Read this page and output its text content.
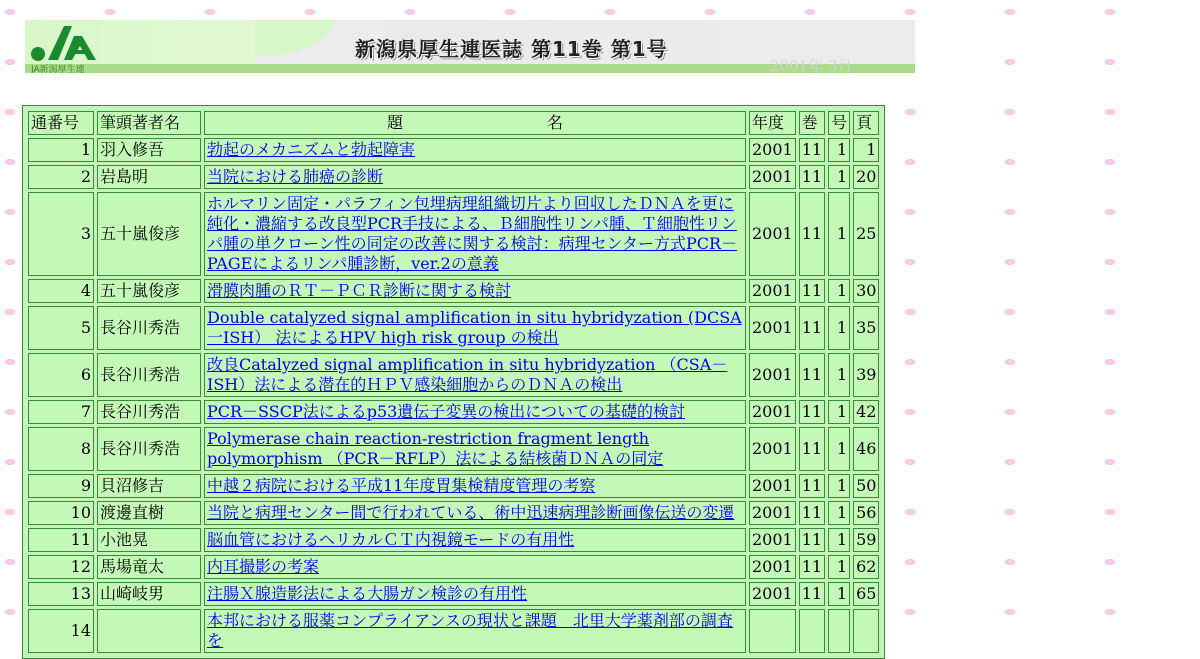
JA新潟厚生連
新潟県厚生連医誌 第11巻 第1号
2001年 3月
通番号	筆頭著者名	題　　　　　　　　　名	年度	巻	号	頁
1	羽入修吾	勃起のメカニズムと勃起障害	2001	11	1	1
2	岩島明	当院における肺癌の診断	2001	11	1	20
3	五十嵐俊彦	ホルマリン固定・パラフィン包埋病理組織切片より回収したＤＮＡを更に純化・濃縮する改良型PCR手技による、Ｂ細胞性リンパ腫、Ｔ細胞性リンパ腫の単クローン性の同定の改善に関する検討：病理センター方式PCR－PAGEによるリンパ腫診断，ver.2の意義	2001	11	1	25
4	五十嵐俊彦	滑膜肉腫のＲＴ－ＰＣＲ診断に関する検討	2001	11	1	30
5	長谷川秀浩	Double catalyzed signal amplification in situ hybridyzation (DCSA一ISH） 法によるHPV high risk group の検出	2001	11	1	35
6	長谷川秀浩	改良Catalyzed signal amplification in situ hybridyzation （CSA－ISH）法による潜在的ＨＰＶ感染細胞からのＤＮＡの検出	2001	11	1	39
7	長谷川秀浩	PCR－SSCP法によるp53遺伝子変異の検出についての基礎的検討	2001	11	1	42
8	長谷川秀浩	Polymerase chain reaction-restriction fragment length polymorphism （PCR－RFLP）法による結核菌ＤＮＡの同定	2001	11	1	46
9	貝沼修吉	中越２病院における平成11年度胃集検精度管理の考察	2001	11	1	50
10	渡邊直樹	当院と病理センター間で行われている、術中迅速病理診断画像伝送の変遷	2001	11	1	56
11	小池晃	脳血管におけるヘリカルＣＴ内視鏡モードの有用性	2001	11	1	59
12	馬場竜太	内耳撮影の考案	2001	11	1	62
13	山崎岐男	注腸Ｘ腺造影法による大腸ガン検診の有用性	2001	11	1	65
14	　	本邦における服薬コンプライアンスの現状と課題　北里大学薬剤部の調査を				
